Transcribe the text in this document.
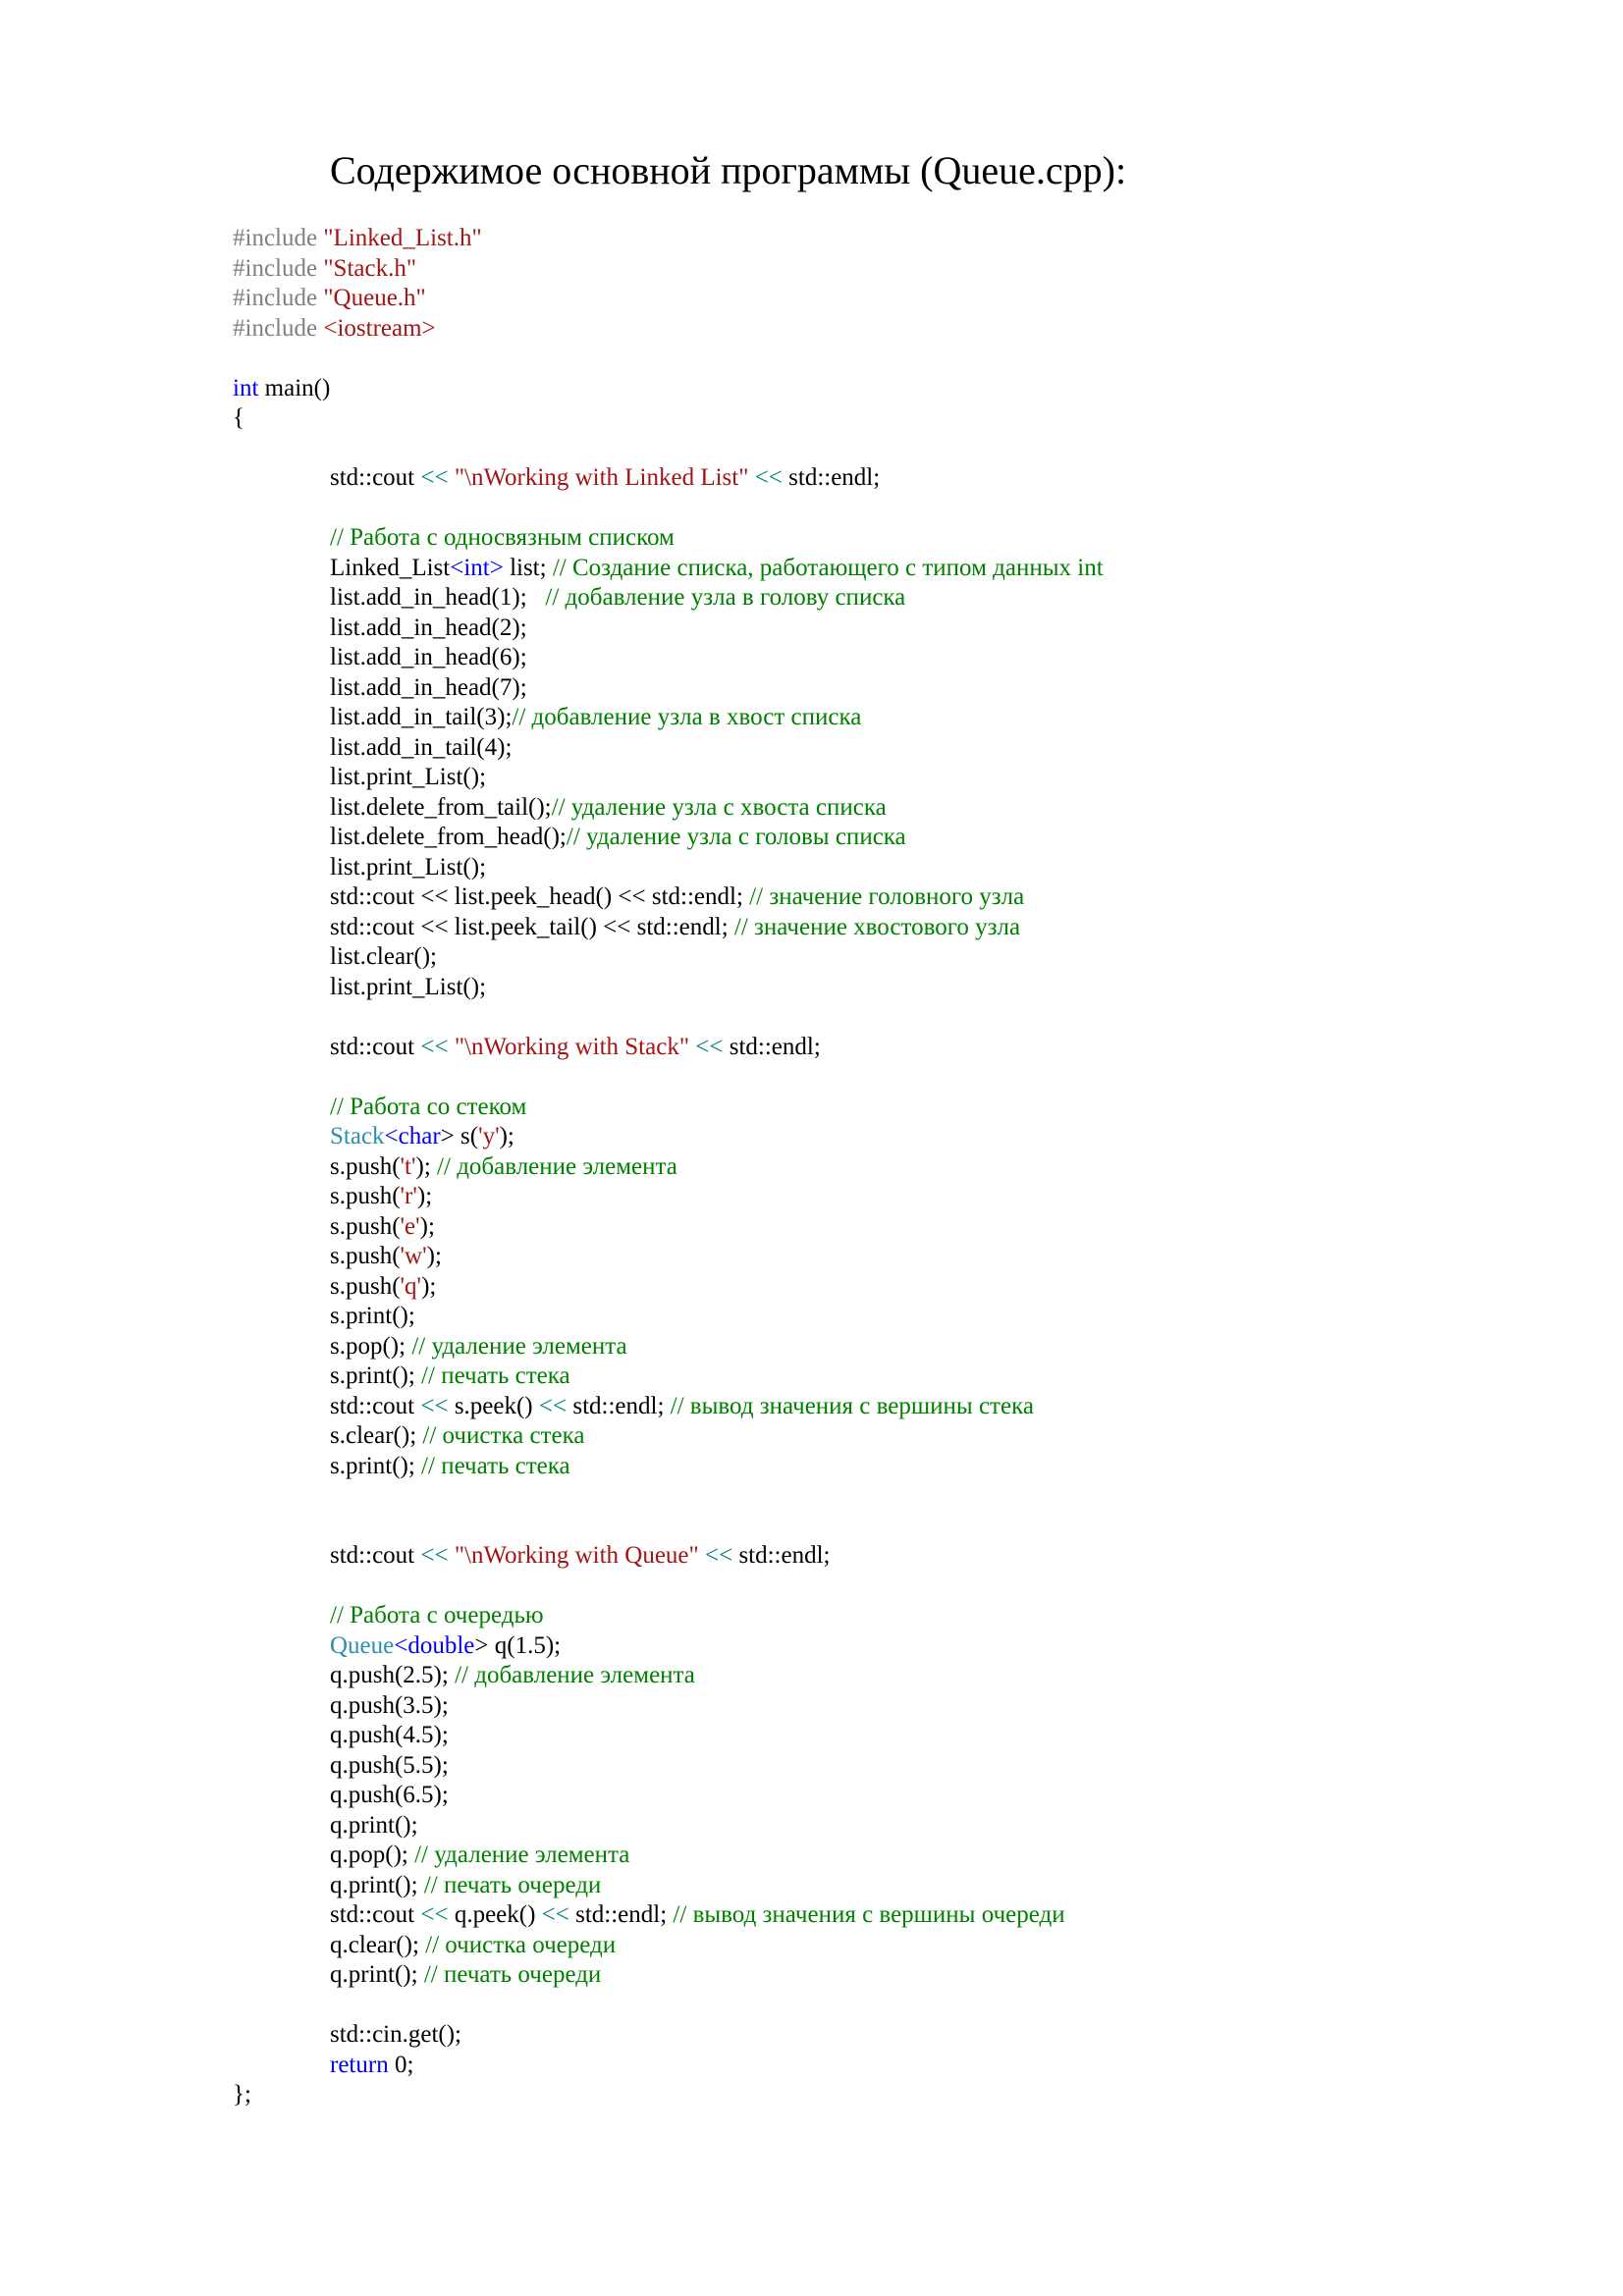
Содержимое основной программы (Queue.cpp):
#include "Linked_List.h"
#include "Stack.h"
#include "Queue.h"
#include <iostream>

int main()
{

std::cout << "\nWorking with Linked List" << std::endl;

// Работа с односвязным списком
Linked_List<int> list; // Создание списка, работающего с типом данных int
list.add_in_head(1);   // добавление узла в голову списка
list.add_in_head(2);
list.add_in_head(6);
list.add_in_head(7);
list.add_in_tail(3);// добавление узла в хвост списка
list.add_in_tail(4);
list.print_List();
list.delete_from_tail();// удаление узла с хвоста списка
list.delete_from_head();// удаление узла с головы списка
list.print_List();
std::cout << list.peek_head() << std::endl; // значение головного узла
std::cout << list.peek_tail() << std::endl; // значение хвостового узла
list.clear();
list.print_List();

std::cout << "\nWorking with Stack" << std::endl;

// Работа со стеком
Stack<char> s('y');
s.push('t'); // добавление элемента
s.push('r');
s.push('e');
s.push('w');
s.push('q');
s.print();
s.pop(); // удаление элемента
s.print(); // печать стека
std::cout << s.peek() << std::endl; // вывод значения с вершины стека
s.clear(); // очистка стека
s.print(); // печать стека

std::cout << "\nWorking with Queue" << std::endl;

// Работа с очередью
Queue<double> q(1.5);
q.push(2.5); // добавление элемента
q.push(3.5);
q.push(4.5);
q.push(5.5);
q.push(6.5);
q.print();
q.pop(); // удаление элемента
q.print(); // печать очереди
std::cout << q.peek() << std::endl; // вывод значения с вершины очереди
q.clear(); // очистка очереди
q.print(); // печать очереди

std::cin.get();
return 0;
};
